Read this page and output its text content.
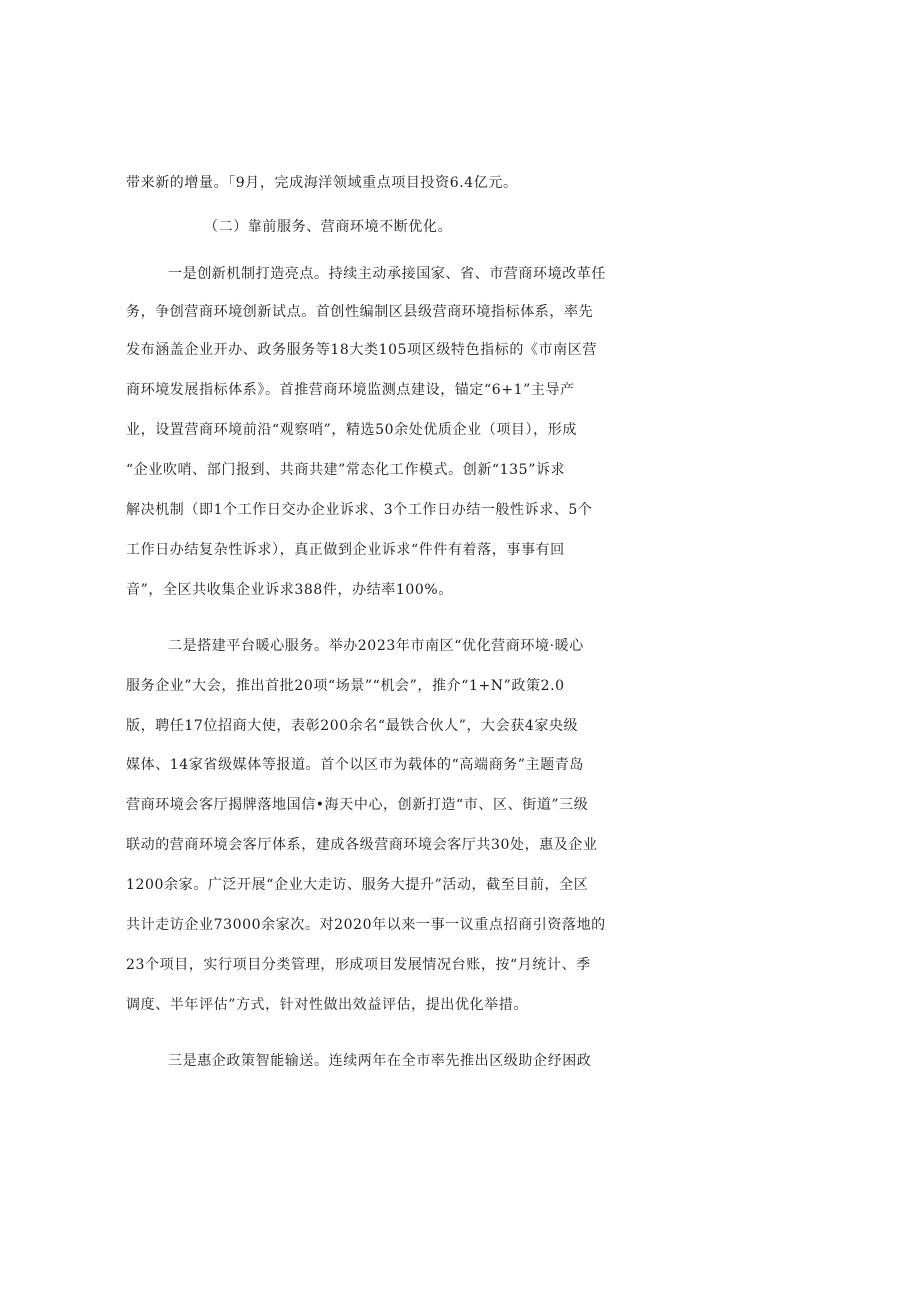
带来新的增量。「9月，完成海洋领域重点项目投资6.4亿元。
（二）靠前服务、营商环境不断优化。
一是创新机制打造亮点。持续主动承接国家、省、市营商环境改革任
务，争创营商环境创新试点。首创性编制区县级营商环境指标体系，率先
发布涵盖企业开办、政务服务等18大类105项区级特色指标的《市南区营
商环境发展指标体系》。首推营商环境监测点建设，锚定“6+1”主导产
业，设置营商环境前沿“观察哨”，精选50余处优质企业（项目），形成
“企业吹哨、部门报到、共商共建”常态化工作模式。创新“135”诉求
解决机制（即1个工作日交办企业诉求、3个工作日办结一般性诉求、5个
工作日办结复杂性诉求），真正做到企业诉求“件件有着落，事事有回
音”，全区共收集企业诉求388件，办结率100%。
二是搭建平台暖心服务。举办2023年市南区“优化营商环境·暖心
服务企业”大会，推出首批20项“场景”“机会”，推介“1+N”政策2.0
版，聘任17位招商大使，表彰200余名“最铁合伙人”，大会获4家央级
媒体、14家省级媒体等报道。首个以区市为载体的“高端商务”主题青岛
营商环境会客厅揭牌落地国信•海天中心，创新打造“市、区、街道”三级
联动的营商环境会客厅体系，建成各级营商环境会客厅共30处，惠及企业
1200余家。广泛开展“企业大走访、服务大提升”活动，截至目前，全区
共计走访企业73000余家次。对2020年以来一事一议重点招商引资落地的
23个项目，实行项目分类管理，形成项目发展情况台账，按“月统计、季
调度、半年评估”方式，针对性做出效益评估，提出优化举措。
三是惠企政策智能输送。连续两年在全市率先推出区级助企纾困政
